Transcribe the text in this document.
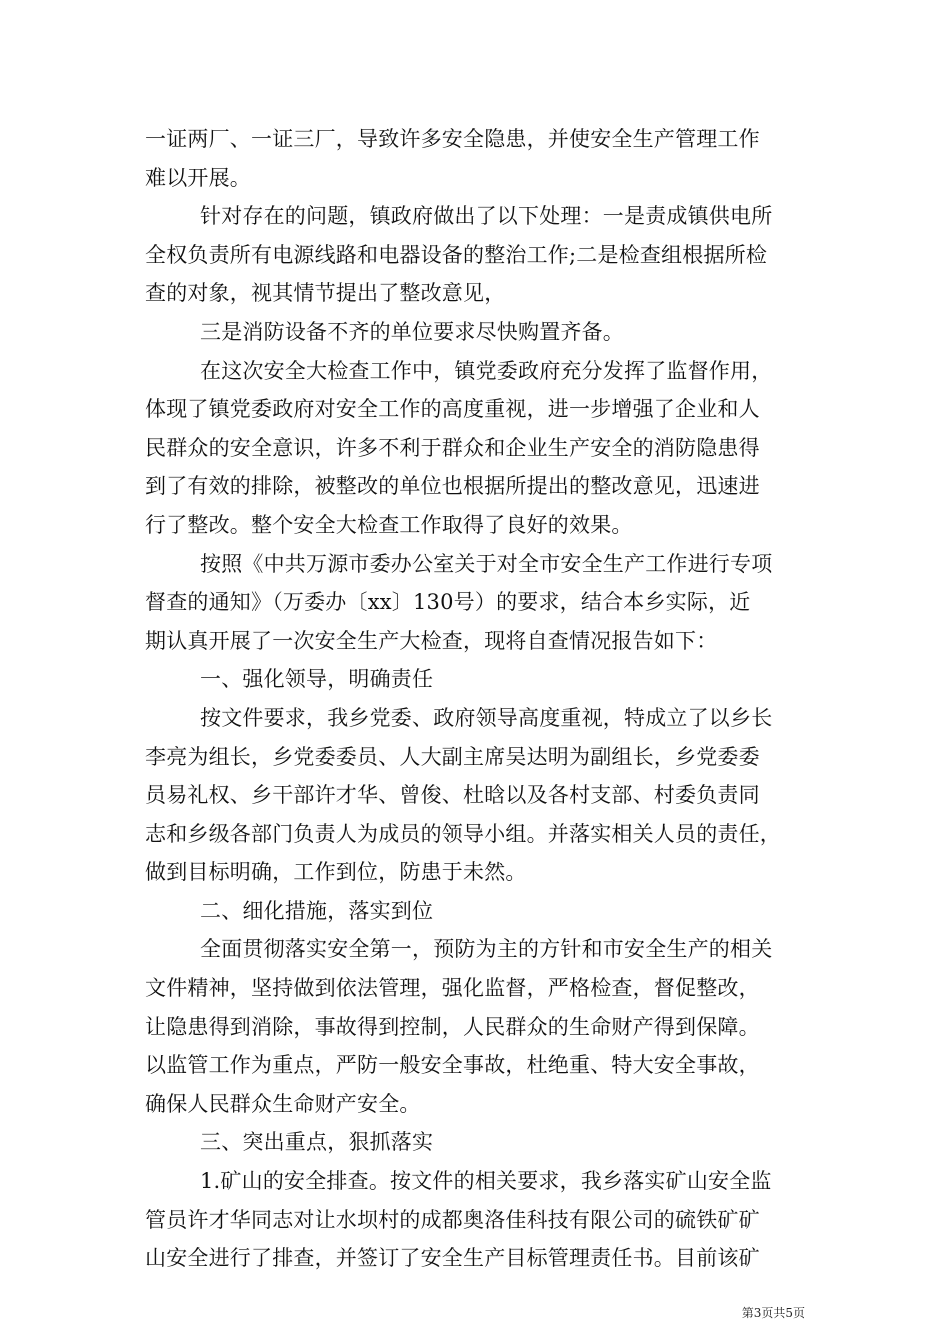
一证两厂、一证三厂，导致许多安全隐患，并使安全生产管理工作
难以开展。
针对存在的问题，镇政府做出了以下处理：一是责成镇供电所
全权负责所有电源线路和电器设备的整治工作;二是检查组根据所检
查的对象，视其情节提出了整改意见，
三是消防设备不齐的单位要求尽快购置齐备。
在这次安全大检查工作中，镇党委政府充分发挥了监督作用，
体现了镇党委政府对安全工作的高度重视，进一步增强了企业和人
民群众的安全意识，许多不利于群众和企业生产安全的消防隐患得
到了有效的排除，被整改的单位也根据所提出的整改意见，迅速进
行了整改。整个安全大检查工作取得了良好的效果。
按照《中共万源市委办公室关于对全市安全生产工作进行专项
督查的通知》（万委办〔xx〕130号）的要求，结合本乡实际，近
期认真开展了一次安全生产大检查，现将自查情况报告如下：
一、强化领导，明确责任
按文件要求，我乡党委、政府领导高度重视，特成立了以乡长
李亮为组长，乡党委委员、人大副主席吴达明为副组长，乡党委委
员易礼权、乡干部许才华、曾俊、杜晗以及各村支部、村委负责同
志和乡级各部门负责人为成员的领导小组。并落实相关人员的责任，
做到目标明确，工作到位，防患于未然。
二、细化措施，落实到位
全面贯彻落实安全第一，预防为主的方针和市安全生产的相关
文件精神，坚持做到依法管理，强化监督，严格检查，督促整改，
让隐患得到消除，事故得到控制，人民群众的生命财产得到保障。
以监管工作为重点，严防一般安全事故，杜绝重、特大安全事故，
确保人民群众生命财产安全。
三、突出重点，狠抓落实
1.矿山的安全排查。按文件的相关要求，我乡落实矿山安全监
管员许才华同志对让水坝村的成都奥洛佳科技有限公司的硫铁矿矿
山安全进行了排查，并签订了安全生产目标管理责任书。目前该矿
第3页共5页
